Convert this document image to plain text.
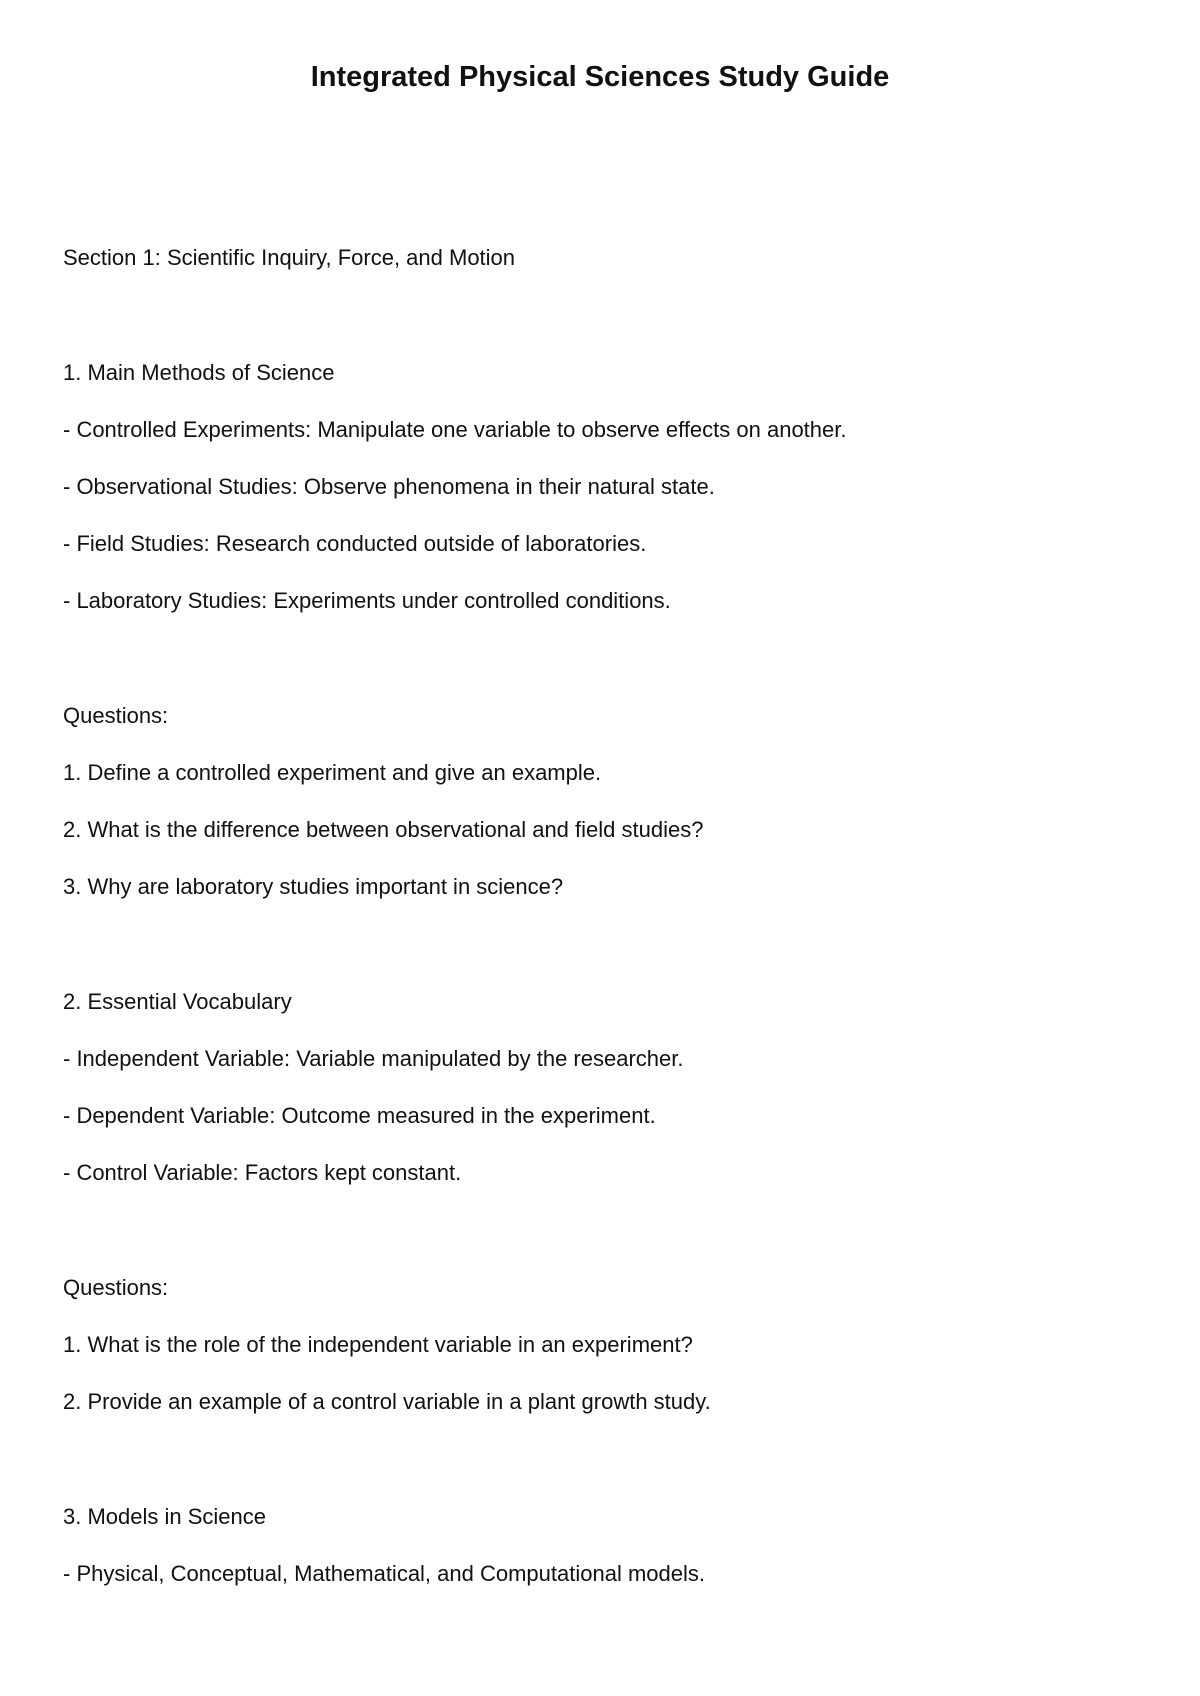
Integrated Physical Sciences Study Guide
Section 1: Scientific Inquiry, Force, and Motion
1. Main Methods of Science
- Controlled Experiments: Manipulate one variable to observe effects on another.
- Observational Studies: Observe phenomena in their natural state.
- Field Studies: Research conducted outside of laboratories.
- Laboratory Studies: Experiments under controlled conditions.
Questions:
1. Define a controlled experiment and give an example.
2. What is the difference between observational and field studies?
3. Why are laboratory studies important in science?
2. Essential Vocabulary
- Independent Variable: Variable manipulated by the researcher.
- Dependent Variable: Outcome measured in the experiment.
- Control Variable: Factors kept constant.
Questions:
1. What is the role of the independent variable in an experiment?
2. Provide an example of a control variable in a plant growth study.
3. Models in Science
- Physical, Conceptual, Mathematical, and Computational models.
